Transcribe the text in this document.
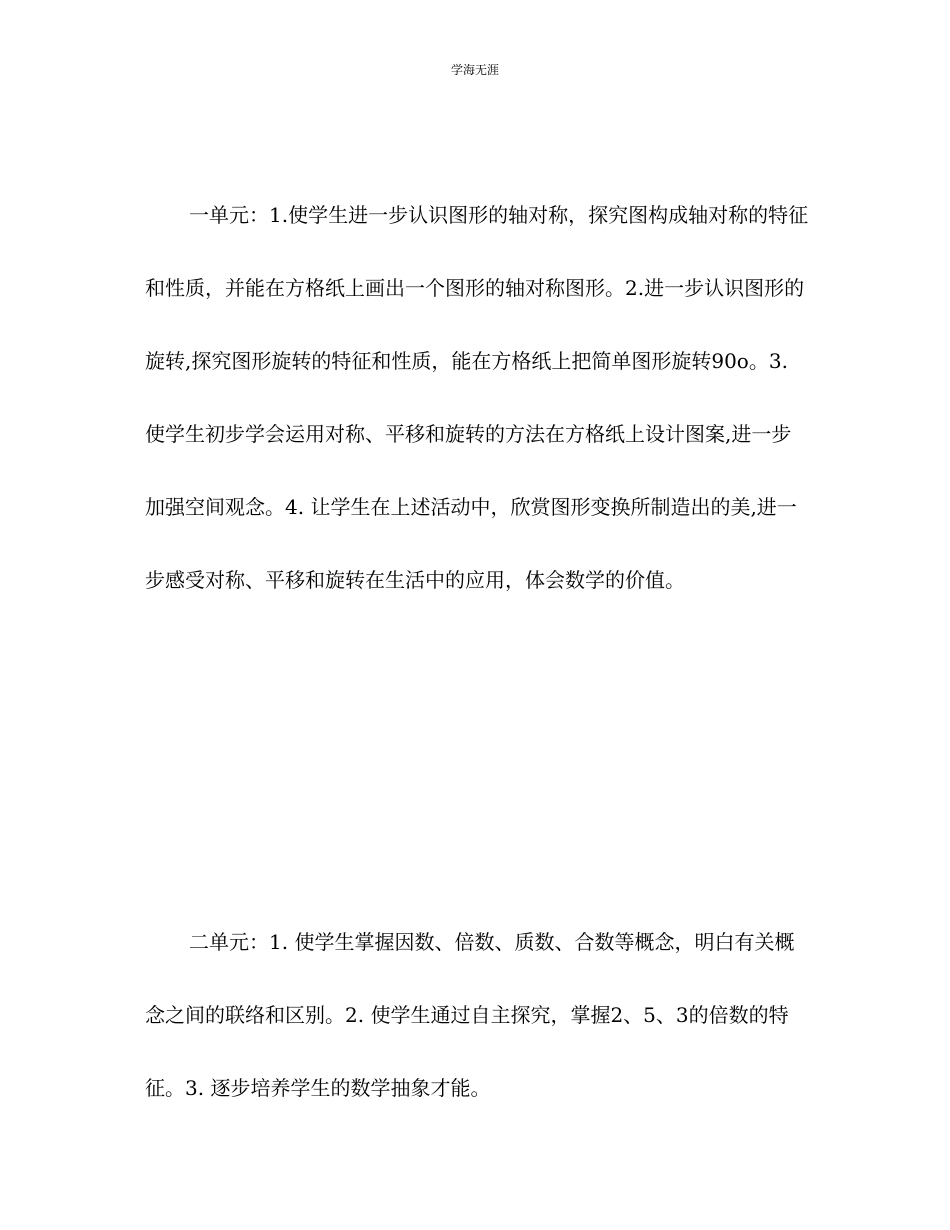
学海无涯

一单元：1.使学生进一步认识图形的轴对称，探究图构成轴对称的特征和性质，并能在方格纸上画出一个图形的轴对称图形。2.进一步认识图形的旋转,探究图形旋转的特征和性质，能在方格纸上把简单图形旋转90o。3. 使学生初步学会运用对称、平移和旋转的方法在方格纸上设计图案,进一步加强空间观念。4. 让学生在上述活动中，欣赏图形变换所制造出的美,进一步感受对称、平移和旋转在生活中的应用，体会数学的价值。

二单元：1. 使学生掌握因数、倍数、质数、合数等概念，明白有关概念之间的联络和区别。2. 使学生通过自主探究，掌握2、5、3的倍数的特征。3. 逐步培养学生的数学抽象才能。
